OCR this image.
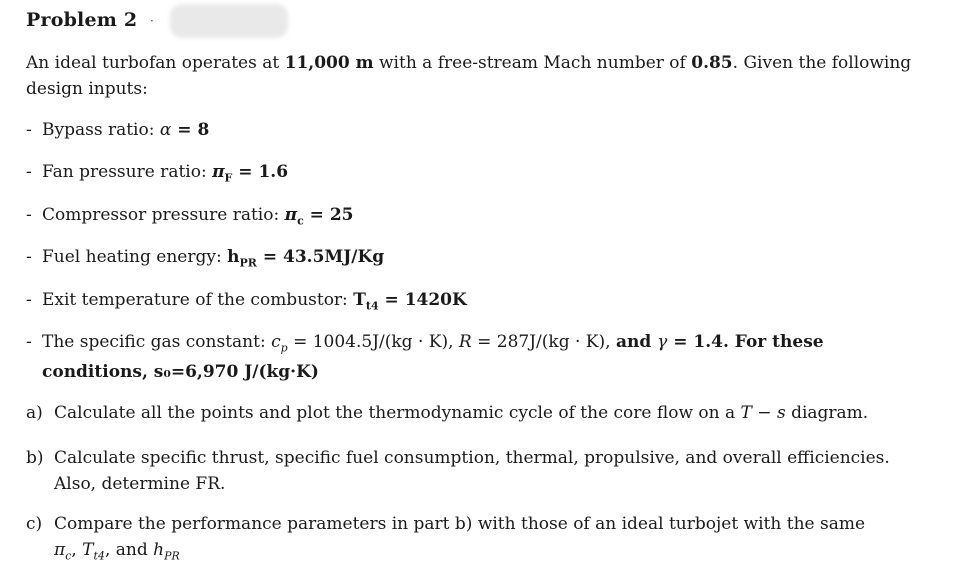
Problem 2 ·
An ideal turbofan operates at 11,000 m with a free-stream Mach number of 0.85. Given the following design inputs:
- Bypass ratio: α = 8
- Fan pressure ratio: $\pi_F = 1.6$
- Compressor pressure ratio: $\pi_c = 25$
- Fuel heating energy: $h_{PR} = 43.5MJ/Kg$
- Exit temperature of the combustor: $T_{t4} = 1420K$
- The specific gas constant: $c_p = 1004.5J/(kg \cdot K)$, R = 287J/(kg · K), and γ = 1.4. For these
conditions, s₀=6,970 J/(kg·K)
a) Calculate all the points and plot the thermodynamic cycle of the core flow on a T − s diagram.
b) Calculate specific thrust, specific fuel consumption, thermal, propulsive, and overall efficiencies.
Also, determine FR.
c) Compare the performance parameters in part b) with those of an ideal turbojet with the same
$\pi_c$, $T_{t4}$, and $h_{PR}$
